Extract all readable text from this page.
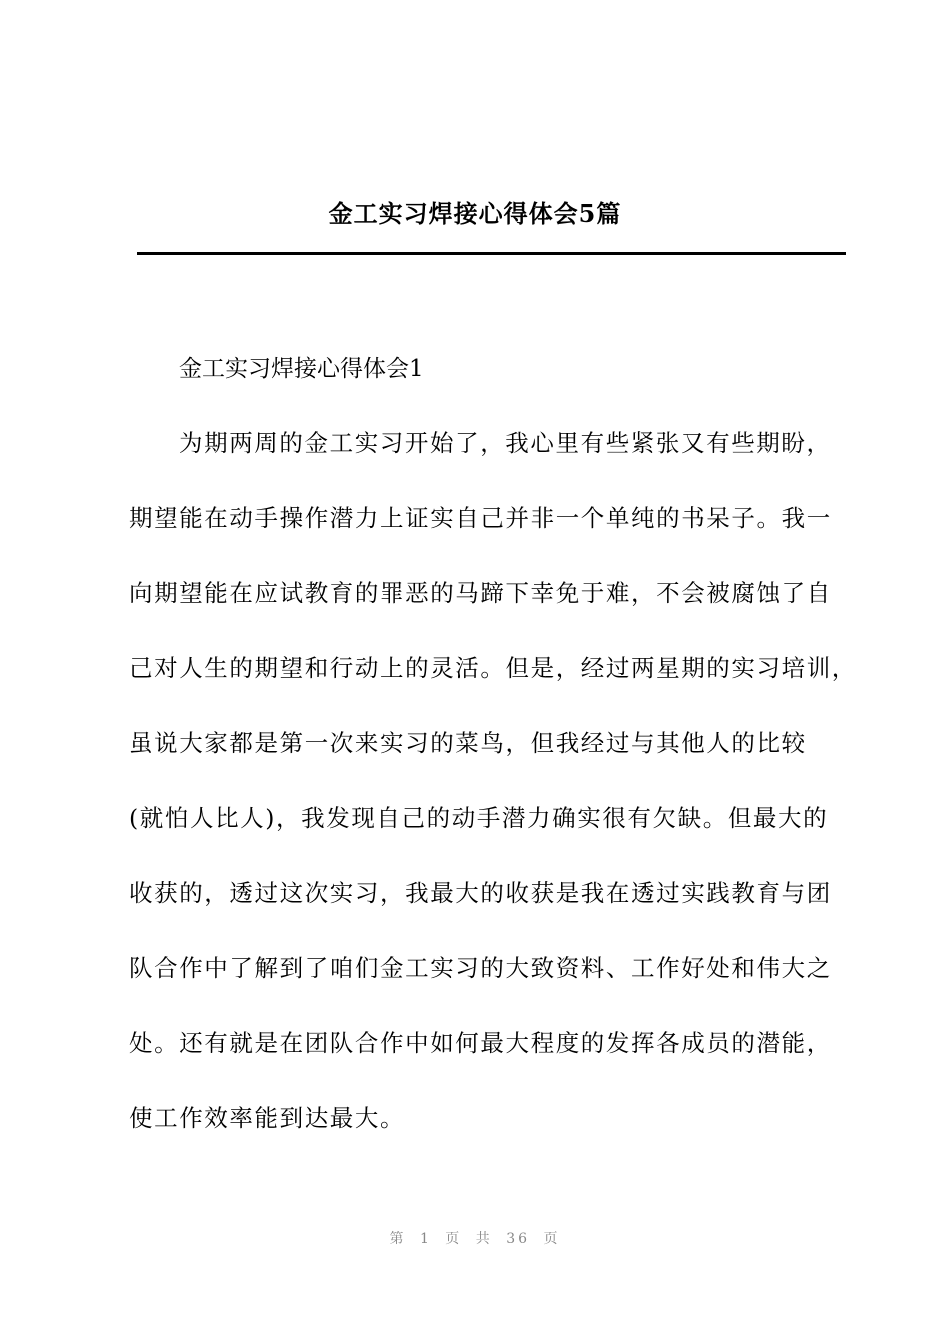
金工实习焊接心得体会5篇
金工实习焊接心得体会1
为期两周的金工实习开始了，我心里有些紧张又有些期盼，
期望能在动手操作潜力上证实自己并非一个单纯的书呆子。我一
向期望能在应试教育的罪恶的马蹄下幸免于难，不会被腐蚀了自
己对人生的期望和行动上的灵活。但是，经过两星期的实习培训，
虽说大家都是第一次来实习的菜鸟，但我经过与其他人的比较
(就怕人比人)，我发现自己的动手潜力确实很有欠缺。但最大的
收获的，透过这次实习，我最大的收获是我在透过实践教育与团
队合作中了解到了咱们金工实习的大致资料、工作好处和伟大之
处。还有就是在团队合作中如何最大程度的发挥各成员的潜能，
使工作效率能到达最大。
第 1 页 共 36 页
